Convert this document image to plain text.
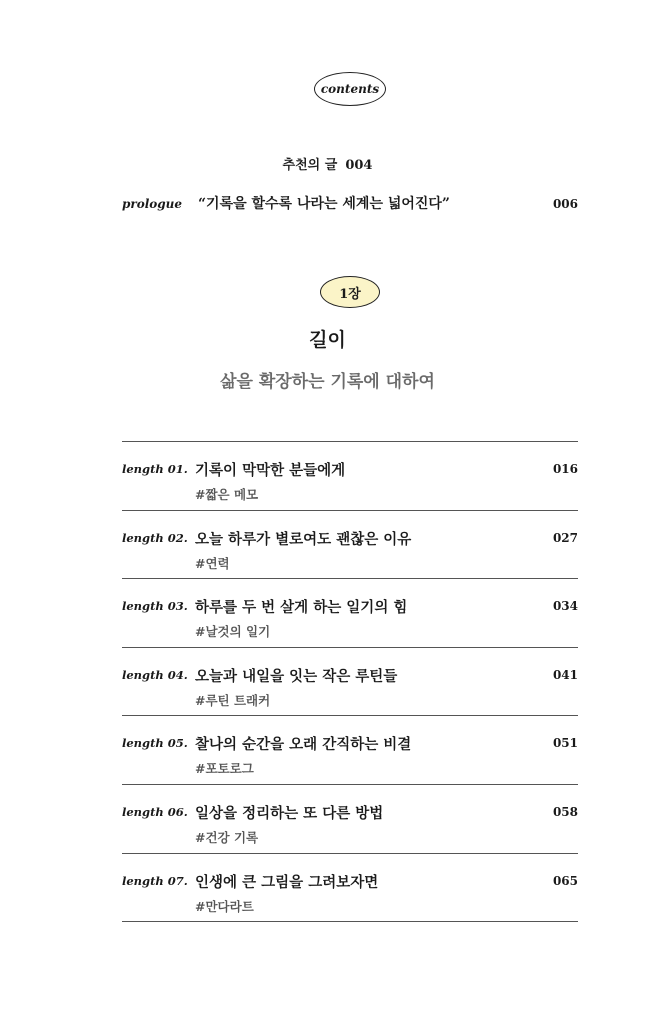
contents
추천의 글 004
prologue	“기록을 할수록 나라는 세계는 넓어진다”	006
1장
길이
삶을 확장하는 기록에 대하여
length 01. 기록이 막막한 분들에게
#짧은 메모
016
length 02. 오늘 하루가 별로여도 괜찮은 이유
#연력
027
length 03. 하루를 두 번 살게 하는 일기의 힘
#날것의 일기
034
length 04. 오늘과 내일을 잇는 작은 루틴들
#루틴 트래커
041
length 05. 찰나의 순간을 오래 간직하는 비결
#포토로그
051
length 06. 일상을 정리하는 또 다른 방법
#건강 기록
058
length 07. 인생에 큰 그림을 그려보자면
#만다라트
065
